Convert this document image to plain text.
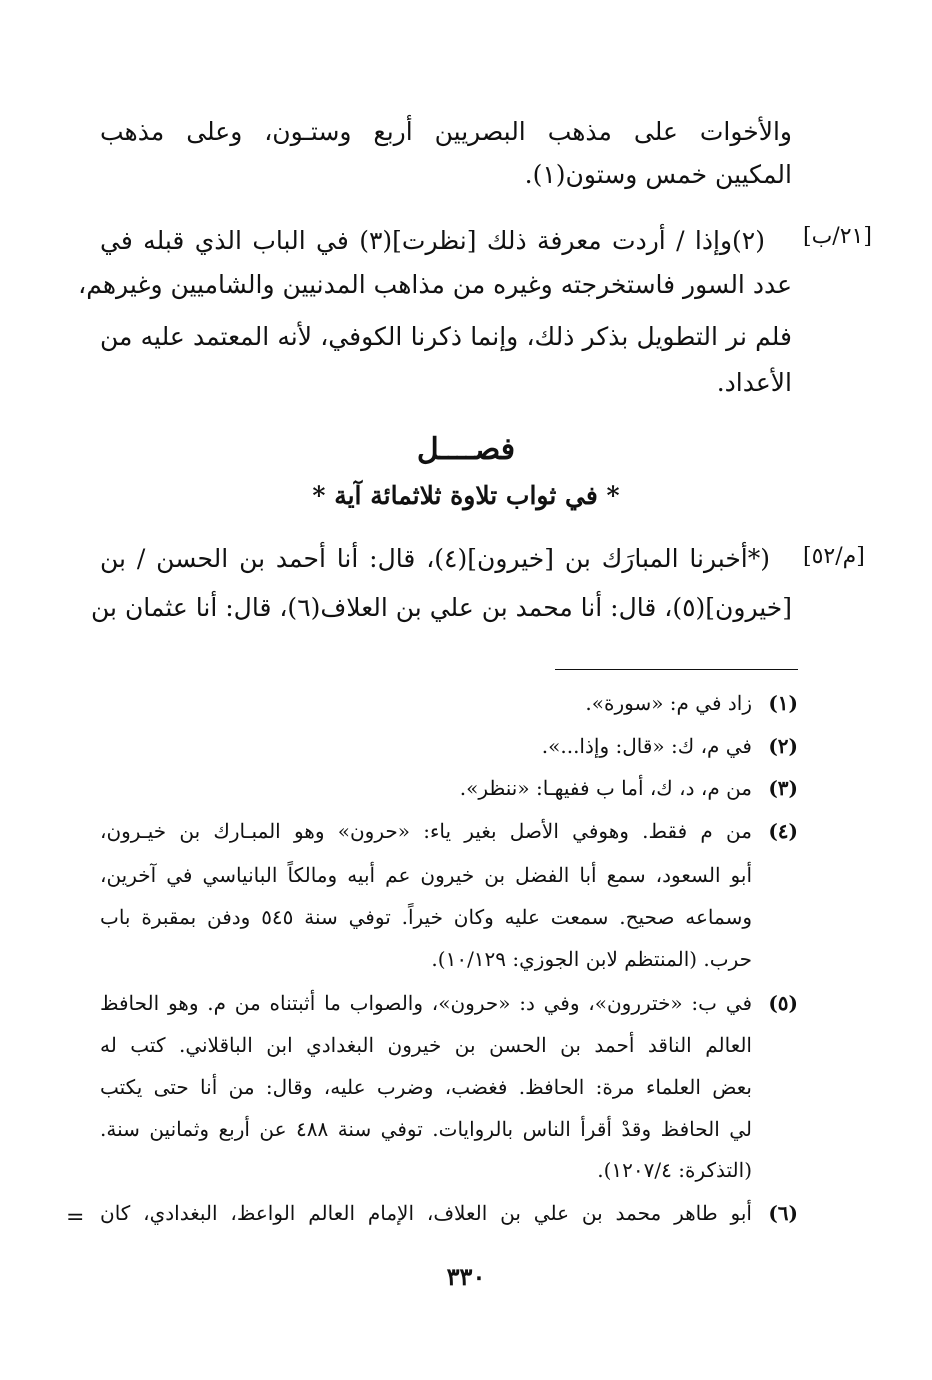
والأخوات على مذهب البصريين أربع وستـون، وعلى مذهب
المكيين خمس وستون(١).
[٢١/ب]
(٢)وإذا / أردت معرفة ذلك [نظرت](٣) في الباب الذي قبله في
عدد السور فاستخرجته وغيره من مذاهب المدنيين والشاميين وغيرهم،
فلم نر التطويل بذكر ذلك، وإنما ذكرنا الكوفي، لأنه المعتمد عليه من
الأعداد.
فصــــل
* في ثواب تلاوة ثلاثمائة آية *
[م/٥٢]
(*أخبرنا المبارَك بن [خيرون](٤)، قال: أنا أحمد بن الحسن / بن
[خيرون](٥)، قال: أنا محمد بن علي بن العلاف(٦)، قال: أنا عثمان بن
(١)
زاد في م: «سورة».
(٢)
في م، ك: «قال: وإذا...».
(٣)
من م، د، ك، أما ب ففيهـا: «ننظر».
(٤)
من م فقط. وهوفي الأصل بغير ياء: «حرون» وهو المبـارك بن خيـرون،
أبو السعود، سمع أبا الفضل بن خيرون عم أبيه ومالكاً البانياسي في آخرين،
وسماعه صحيح. سمعت عليه وكان خيراً. توفي سنة ٥٤٥ ودفن بمقبرة باب
حرب. (المنتظم لابن الجوزي: ١٠/١٢٩).
(٥)
في ب: «ختررون»، وفي د: «حرون»، والصواب ما أثبتناه من م. وهو الحافظ
العالم الناقد أحمد بن الحسن بن خيرون البغدادي ابن الباقلاني. كتب له
بعض العلماء مرة: الحافظ. فغضب، وضرب عليه، وقال: من أنا حتى يكتب
لي الحافظ وقدْ أقرأ الناس بالروايات. توفي سنة ٤٨٨ عن أربع وثمانين سنة.
(التذكرة: ١٢٠٧/٤).
(٦)
أبو طاهر محمد بن علي بن العلاف، الإمام العالم الواعظ، البغدادي، كان
=
٣٣٠
